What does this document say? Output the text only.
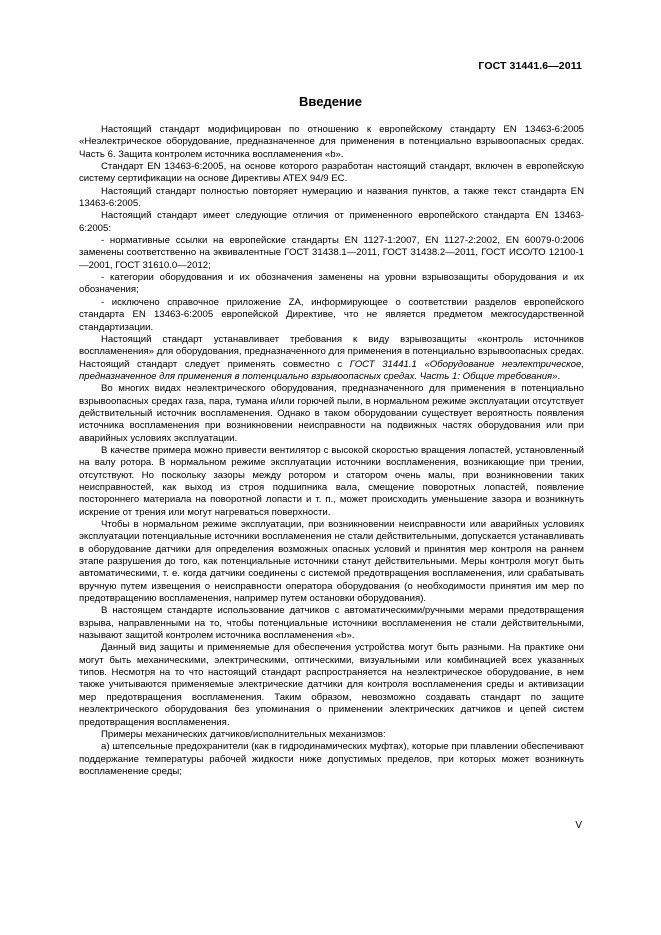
ГОСТ 31441.6—2011
Введение

Настоящий стандарт модифицирован по отношению к европейскому стандарту EN 13463-6:2005 «Неэлектрическое оборудование, предназначенное для применения в потенциально взрывоопасных средах. Часть 6. Защита контролем источника воспламенения «b».

Стандарт EN 13463-6:2005, на основе которого разработан настоящий стандарт, включен в европейскую систему сертификации на основе Директивы ATEX 94/9 EC.

Настоящий стандарт полностью повторяет нумерацию и названия пунктов, а также текст стандарта EN 13463-6:2005.

Настоящий стандарт имеет следующие отличия от примененного европейского стандарта EN 13463-6:2005:

- нормативные ссылки на европейские стандарты EN 1127-1:2007, EN 1127-2:2002, EN 60079-0:2006 заменены соответственно на эквивалентные ГОСТ 31438.1—2011, ГОСТ 31438.2—2011, ГОСТ ИСО/ТО 12100-1—2001, ГОСТ 31610.0—2012;

- категории оборудования и их обозначения заменены на уровни взрывозащиты оборудования и их обозначения;

- исключено справочное приложение ZA, информирующее о соответствии разделов европейского стандарта EN 13463-6:2005 европейской Директиве, что не является предметом межгосударственной стандартизации.

Настоящий стандарт устанавливает требования к виду взрывозащиты «контроль источников воспламенения» для оборудования, предназначенного для применения в потенциально взрывоопасных средах. Настоящий стандарт следует применять совместно с ГОСТ 31441.1 «Оборудование неэлектрическое, предназначенное для применения в потенциально взрывоопасных средах. Часть 1: Общие требования».

Во многих видах неэлектрического оборудования, предназначенного для применения в потенциально взрывоопасных средах газа, пара, тумана и/или горючей пыли, в нормальном режиме эксплуатации отсутствует действительный источник воспламенения. Однако в таком оборудовании существует вероятность появления источника воспламенения при возникновении неисправности на подвижных частях оборудования или при аварийных условиях эксплуатации.

В качестве примера можно привести вентилятор с высокой скоростью вращения лопастей, установленный на валу ротора. В нормальном режиме эксплуатации источники воспламенения, возникающие при трении, отсутствуют. Но поскольку зазоры между ротором и статором очень малы, при возникновении таких неисправностей, как выход из строя подшипника вала, смещение поворотных лопастей, появление постороннего материала на поворотной лопасти и т. п., может происходить уменьшение зазора и возникнуть искрение от трения или могут нагреваться поверхности.

Чтобы в нормальном режиме эксплуатации, при возникновении неисправности или аварийных условиях эксплуатации потенциальные источники воспламенения не стали действительными, допускается устанавливать в оборудование датчики для определения возможных опасных условий и принятия мер контроля на раннем этапе разрушения до того, как потенциальные источники станут действительными. Меры контроля могут быть автоматическими, т. е. когда датчики соединены с системой предотвращения воспламенения, или срабатывать вручную путем извещения о неисправности оператора оборудования (о необходимости принятия им мер по предотвращению воспламенения, например путем остановки оборудования).

В настоящем стандарте использование датчиков с автоматическими/ручными мерами предотвращения взрыва, направленными на то, чтобы потенциальные источники воспламенения не стали действительными, называют защитой контролем источника воспламенения «b».

Данный вид защиты и применяемые для обеспечения устройства могут быть разными. На практике они могут быть механическими, электрическими, оптическими, визуальными или комбинацией всех указанных типов. Несмотря на то что настоящий стандарт распространяется на неэлектрическое оборудование, в нем также учитываются применяемые электрические датчики для контроля воспламенения среды и активизации мер предотвращения воспламенения. Таким образом, невозможно создавать стандарт по защите неэлектрического оборудования без упоминания о применении электрических датчиков и цепей систем предотвращения воспламенения.

Примеры механических датчиков/исполнительных механизмов:

а) штепсельные предохранители (как в гидродинамических муфтах), которые при плавлении обеспечивают поддержание температуры рабочей жидкости ниже допустимых пределов, при которых может возникнуть воспламенение среды;

V
